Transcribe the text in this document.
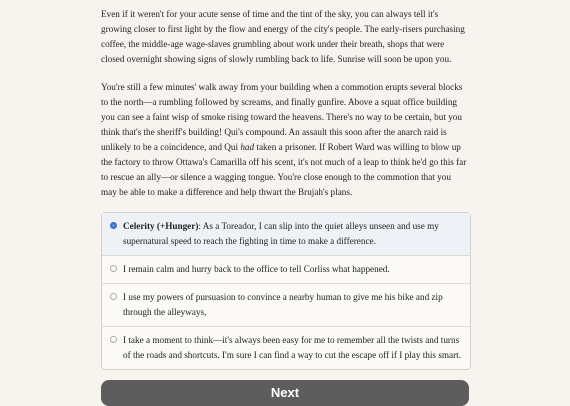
Even if it weren't for your acute sense of time and the tint of the sky, you can always tell it's growing closer to first light by the flow and energy of the city's people. The early-risers purchasing coffee, the middle-age wage-slaves grumbling about work under their breath, shops that were closed overnight showing signs of slowly rumbling back to life. Sunrise will soon be upon you.

You're still a few minutes' walk away from your building when a commotion erupts several blocks to the north—a rumbling followed by screams, and finally gunfire. Above a squat office building you can see a faint wisp of smoke rising toward the heavens. There's no way to be certain, but you think that's the sheriff's building! Qui's compound. An assault this soon after the anarch raid is unlikely to be a coincidence, and Qui had taken a prisoner. If Robert Ward was willing to blow up the factory to throw Ottawa's Camarilla off his scent, it's not much of a leap to think he'd go this far to rescue an ally—or silence a wagging tongue. You're close enough to the commotion that you may be able to make a difference and help thwart the Brujah's plans.

Celerity (+Hunger): As a Toreador, I can slip into the quiet alleys unseen and use my supernatural speed to reach the fighting in time to make a difference.
I remain calm and hurry back to the office to tell Corliss what happened.
I use my powers of pursuasion to convince a nearby human to give me his bike and zip through the alleyways,
I take a moment to think—it's always been easy for me to remember all the twists and turns of the roads and shortcuts. I'm sure I can find a way to cut the escape off if I play this smart.
Next
